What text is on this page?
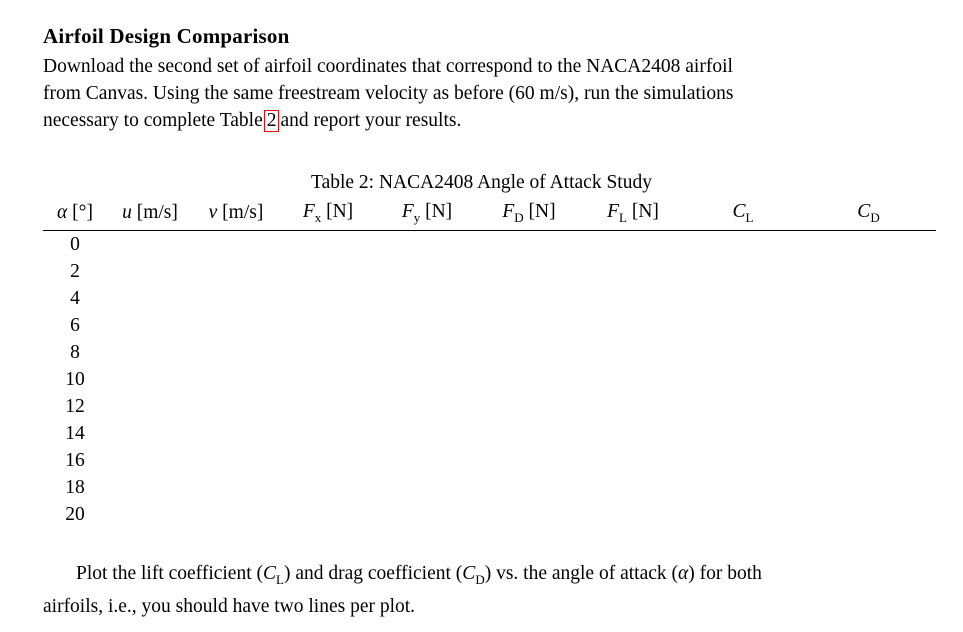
Airfoil Design Comparison
Download the second set of airfoil coordinates that correspond to the NACA2408 airfoil
from Canvas. Using the same freestream velocity as before (60 m/s), run the simulations
necessary to complete Table 2 and report your results.
Table 2: NACA2408 Angle of Attack Study
α [°]	u [m/s]	v [m/s]	$F_x$ [N]	$F_y$ [N]	$F_D$ [N]	$F_L$ [N]	$C_L$	$C_D$
0								
2								
4								
6								
8								
10								
12								
14								
16								
18								
20								
Plot the lift coefficient $(C_L)$ and drag coefficient $(C_D)$ vs. the angle of attack (α) for both
airfoils, i.e., you should have two lines per plot.
